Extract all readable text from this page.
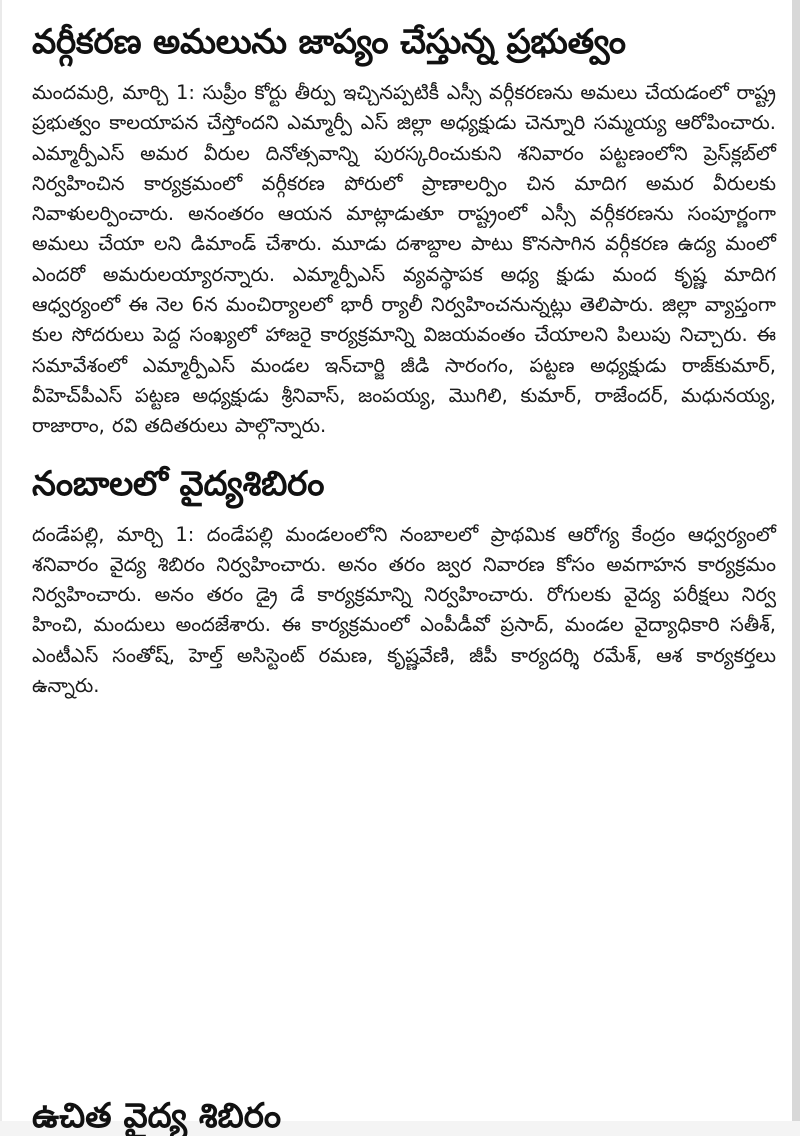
వర్గీకరణ అమలును జాప్యం చేస్తున్న ప్రభుత్వం

మందమర్రి, మార్చి 1: సుప్రీం కోర్టు తీర్పు ఇచ్చినప్పటికీ ఎస్సీ వర్గీకరణను అమలు చేయడంలో రాష్ట్ర ప్రభుత్వం కాలయాపన చేస్తోందని ఎమ్మార్పీ ఎస్ జిల్లా అధ్యక్షుడు చెన్నూరి సమ్మయ్య ఆరోపించారు. ఎమ్మార్పీఎస్ అమర వీరుల దినోత్సవాన్ని పురస్కరించుకుని శనివారం పట్టణంలోని ప్రెస్‌క్లబ్‌లో నిర్వహించిన కార్యక్రమంలో వర్గీకరణ పోరులో ప్రాణాలర్పిం చిన మాదిగ అమర వీరులకు నివాళులర్పించారు. అనంతరం ఆయన మాట్లాడుతూ రాష్ట్రంలో ఎస్సీ వర్గీకరణను సంపూర్ణంగా అమలు చేయా లని డిమాండ్ చేశారు. మూడు దశాబ్దాల పాటు కొనసాగిన వర్గీకరణ ఉద్య మంలో ఎందరో అమరులయ్యారన్నారు. ఎమ్మార్పీఎస్ వ్యవస్థాపక అధ్య క్షుడు మంద కృష్ణ మాదిగ ఆధ్వర్యంలో ఈ నెల 6న మంచిర్యాలలో భారీ ర్యాలీ నిర్వహించనున్నట్లు తెలిపారు. జిల్లా వ్యాప్తంగా కుల సోదరులు పెద్ద సంఖ్యలో హాజరై కార్యక్రమాన్ని విజయవంతం చేయాలని పిలుపు నిచ్చారు. ఈ సమావేశంలో ఎమ్మార్పీఎస్ మండల ఇన్‌చార్జి జీడి సారంగం, పట్టణ అధ్యక్షుడు రాజ్‌కుమార్, వీహెచ్‌పీఎస్ పట్టణ అధ్యక్షుడు శ్రీనివాస్, జంపయ్య, మొగిలి, కుమార్, రాజేందర్, మధునయ్య, రాజారాం, రవి తదితరులు పాల్గొన్నారు.

నంబాలలో వైద్యశిబిరం

దండేపల్లి, మార్చి 1: దండేపల్లి మండలంలోని నంబాలలో ప్రాథమిక ఆరోగ్య కేంద్రం ఆధ్వర్యంలో శనివారం వైద్య శిబిరం నిర్వహించారు. అనం తరం జ్వర నివారణ కోసం అవగాహన కార్యక్రమం నిర్వహించారు. అనం తరం డ్రై డే కార్యక్రమాన్ని నిర్వహించారు. రోగులకు వైద్య పరీక్షలు నిర్వ హించి, మందులు అందజేశారు. ఈ కార్యక్రమంలో ఎంపీడీవో ప్రసాద్, మండల వైద్యాధికారి సతీశ్, ఎంటీఎస్ సంతోష్, హెల్త్ అసిస్టెంట్ రమణ, కృష్ణవేణి, జీపీ కార్యదర్శి రమేశ్, ఆశ కార్యకర్తలు ఉన్నారు.

ఉచిత వైద్య శిబిరం
